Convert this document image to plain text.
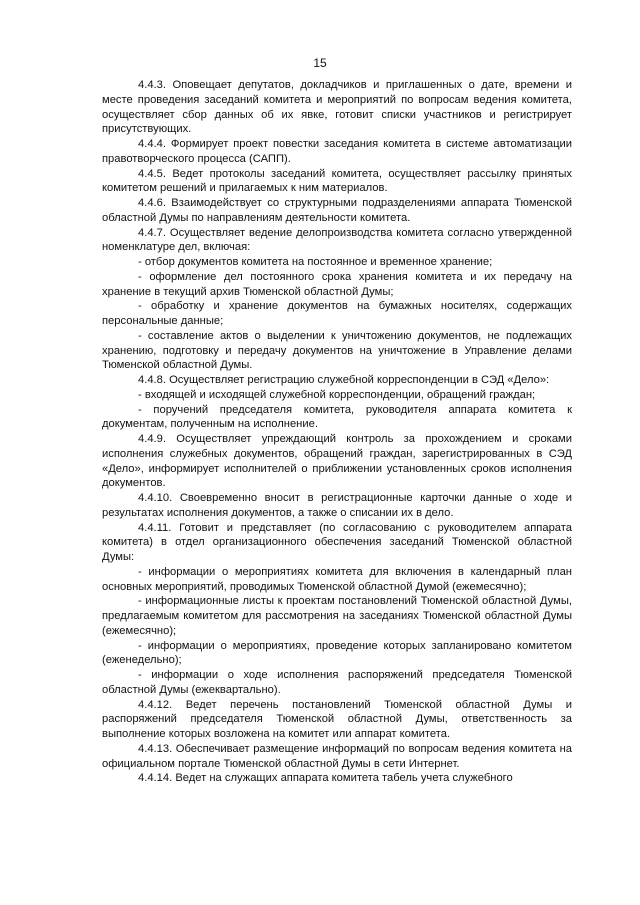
15

4.4.3. Оповещает депутатов, докладчиков и приглашенных о дате, времени и месте проведения заседаний комитета и мероприятий по вопросам ведения комитета, осуществляет сбор данных об их явке, готовит списки участников и регистрирует присутствующих.

4.4.4. Формирует проект повестки заседания комитета в системе автоматизации правотворческого процесса (САПП).

4.4.5. Ведет протоколы заседаний комитета, осуществляет рассылку принятых комитетом решений и прилагаемых к ним материалов.

4.4.6. Взаимодействует со структурными подразделениями аппарата Тюменской областной Думы по направлениям деятельности комитета.

4.4.7. Осуществляет ведение делопроизводства комитета согласно утвержденной номенклатуре дел, включая:

- отбор документов комитета на постоянное и временное хранение;

- оформление дел постоянного срока хранения комитета и их передачу на хранение в текущий архив Тюменской областной Думы;

- обработку и хранение документов на бумажных носителях, содержащих персональные данные;

- составление актов о выделении к уничтожению документов, не подлежащих хранению, подготовку и передачу документов на уничтожение в Управление делами Тюменской областной Думы.

4.4.8. Осуществляет регистрацию служебной корреспонденции в СЭД «Дело»:

- входящей и исходящей служебной корреспонденции, обращений граждан;

- поручений председателя комитета, руководителя аппарата комитета к документам, полученным на исполнение.

4.4.9. Осуществляет упреждающий контроль за прохождением и сроками исполнения служебных документов, обращений граждан, зарегистрированных в СЭД «Дело», информирует исполнителей о приближении установленных сроков исполнения документов.

4.4.10. Своевременно вносит в регистрационные карточки данные о ходе и результатах исполнения документов, а также о списании их в дело.

4.4.11. Готовит и представляет (по согласованию с руководителем аппарата комитета) в отдел организационного обеспечения заседаний Тюменской областной Думы:

- информации о мероприятиях комитета для включения в календарный план основных мероприятий, проводимых Тюменской областной Думой (ежемесячно);

- информационные листы к проектам постановлений Тюменской областной Думы, предлагаемым комитетом для рассмотрения на заседаниях Тюменской областной Думы (ежемесячно);

- информации о мероприятиях, проведение которых запланировано комитетом (еженедельно);

- информации о ходе исполнения распоряжений председателя Тюменской областной Думы (ежеквартально).

4.4.12. Ведет перечень постановлений Тюменской областной Думы и распоряжений председателя Тюменской областной Думы, ответственность за выполнение которых возложена на комитет или аппарат комитета.

4.4.13. Обеспечивает размещение информаций по вопросам ведения комитета на официальном портале Тюменской областной Думы в сети Интернет.

4.4.14. Ведет на служащих аппарата комитета табель учета служебного
